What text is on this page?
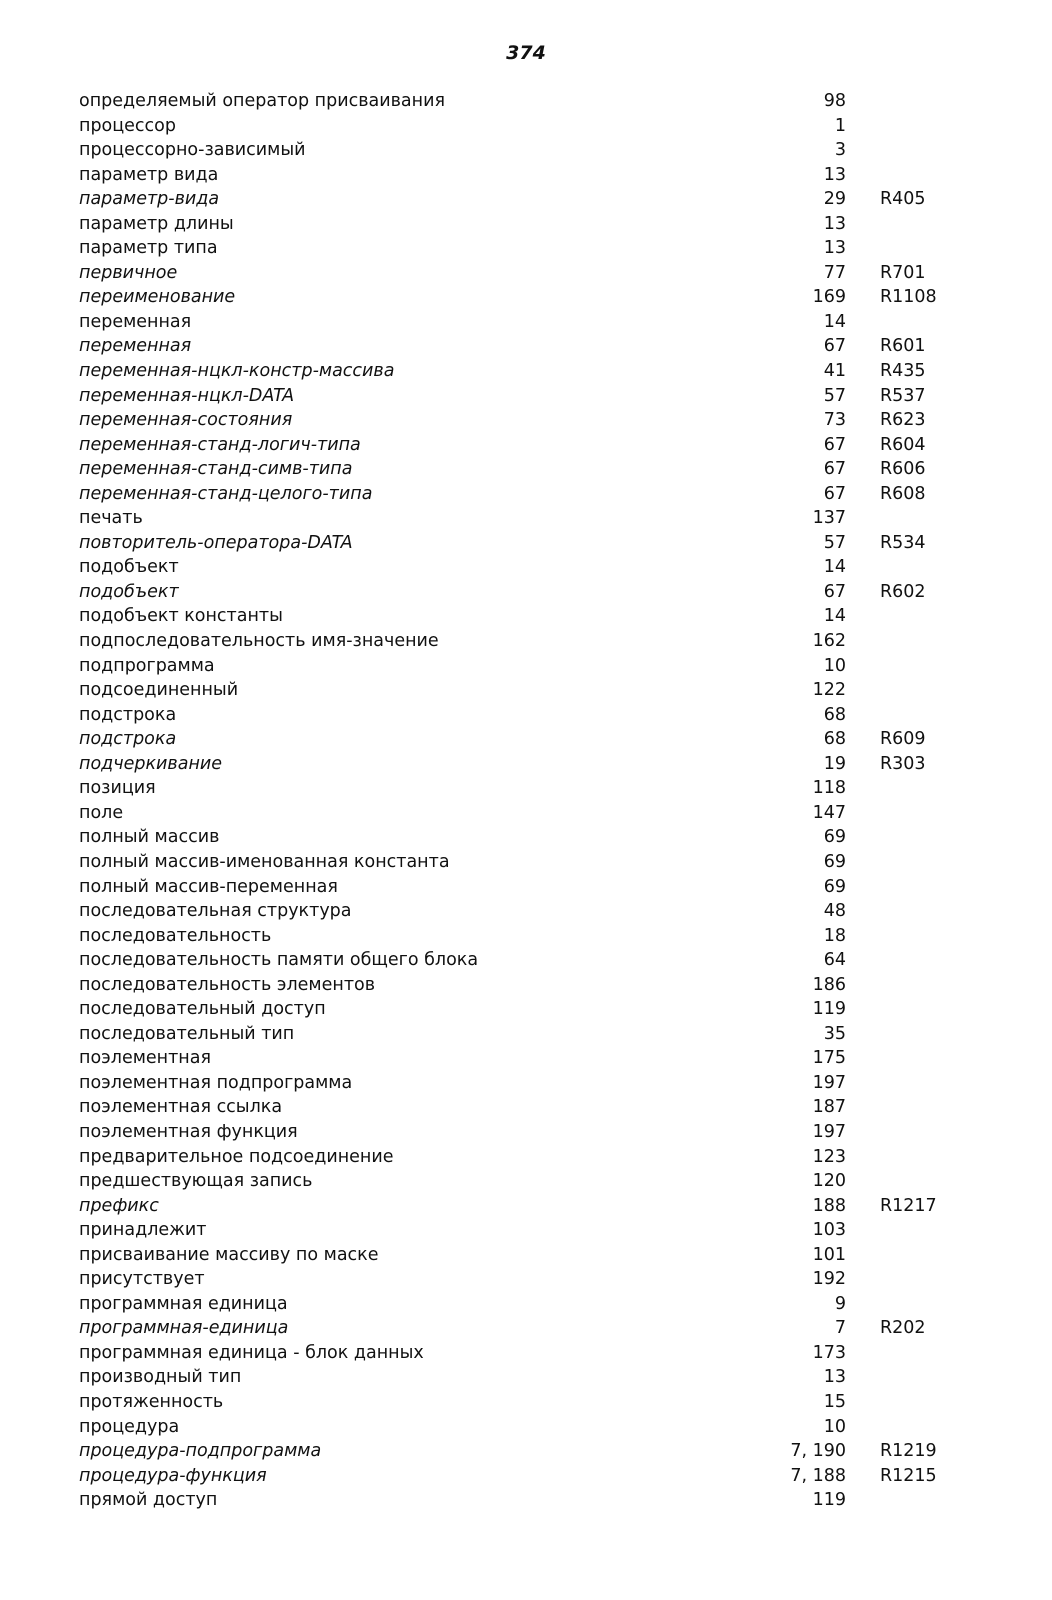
374
определяемый оператор присваивания	98
процессор	1
процессорно-зависимый	3
параметр вида	13
параметр-вида	29 R405
параметр длины	13
параметр типа	13
первичное	77 R701
переименование	169 R1108
переменная	14
переменная	67 R601
переменная-нцкл-констр-массива	41 R435
переменная-нцкл-DATA	57 R537
переменная-состояния	73 R623
переменная-станд-логич-типа	67 R604
переменная-станд-симв-типа	67 R606
переменная-станд-целого-типа	67 R608
печать	137
повторитель-оператора-DATA	57 R534
подобъект	14
подобъект	67 R602
подобъект константы	14
подпоследовательность имя-значение	162
подпрограмма	10
подсоединенный	122
подстрока	68
подстрока	68 R609
подчеркивание	19 R303
позиция	118
поле	147
полный массив	69
полный массив-именованная константа	69
полный массив-переменная	69
последовательная структура	48
последовательность	18
последовательность памяти общего блока	64
последовательность элементов	186
последовательный доступ	119
последовательный тип	35
поэлементная	175
поэлементная подпрограмма	197
поэлементная ссылка	187
поэлементная функция	197
предварительное подсоединение	123
предшествующая запись	120
префикс	188 R1217
принадлежит	103
присваивание массиву по маске	101
присутствует	192
программная единица	9
программная-единица	7 R202
программная единица - блок данных	173
производный тип	13
протяженность	15
процедура	10
процедура-подпрограмма	7, 190 R1219
процедура-функция	7, 188 R1215
прямой доступ	119
